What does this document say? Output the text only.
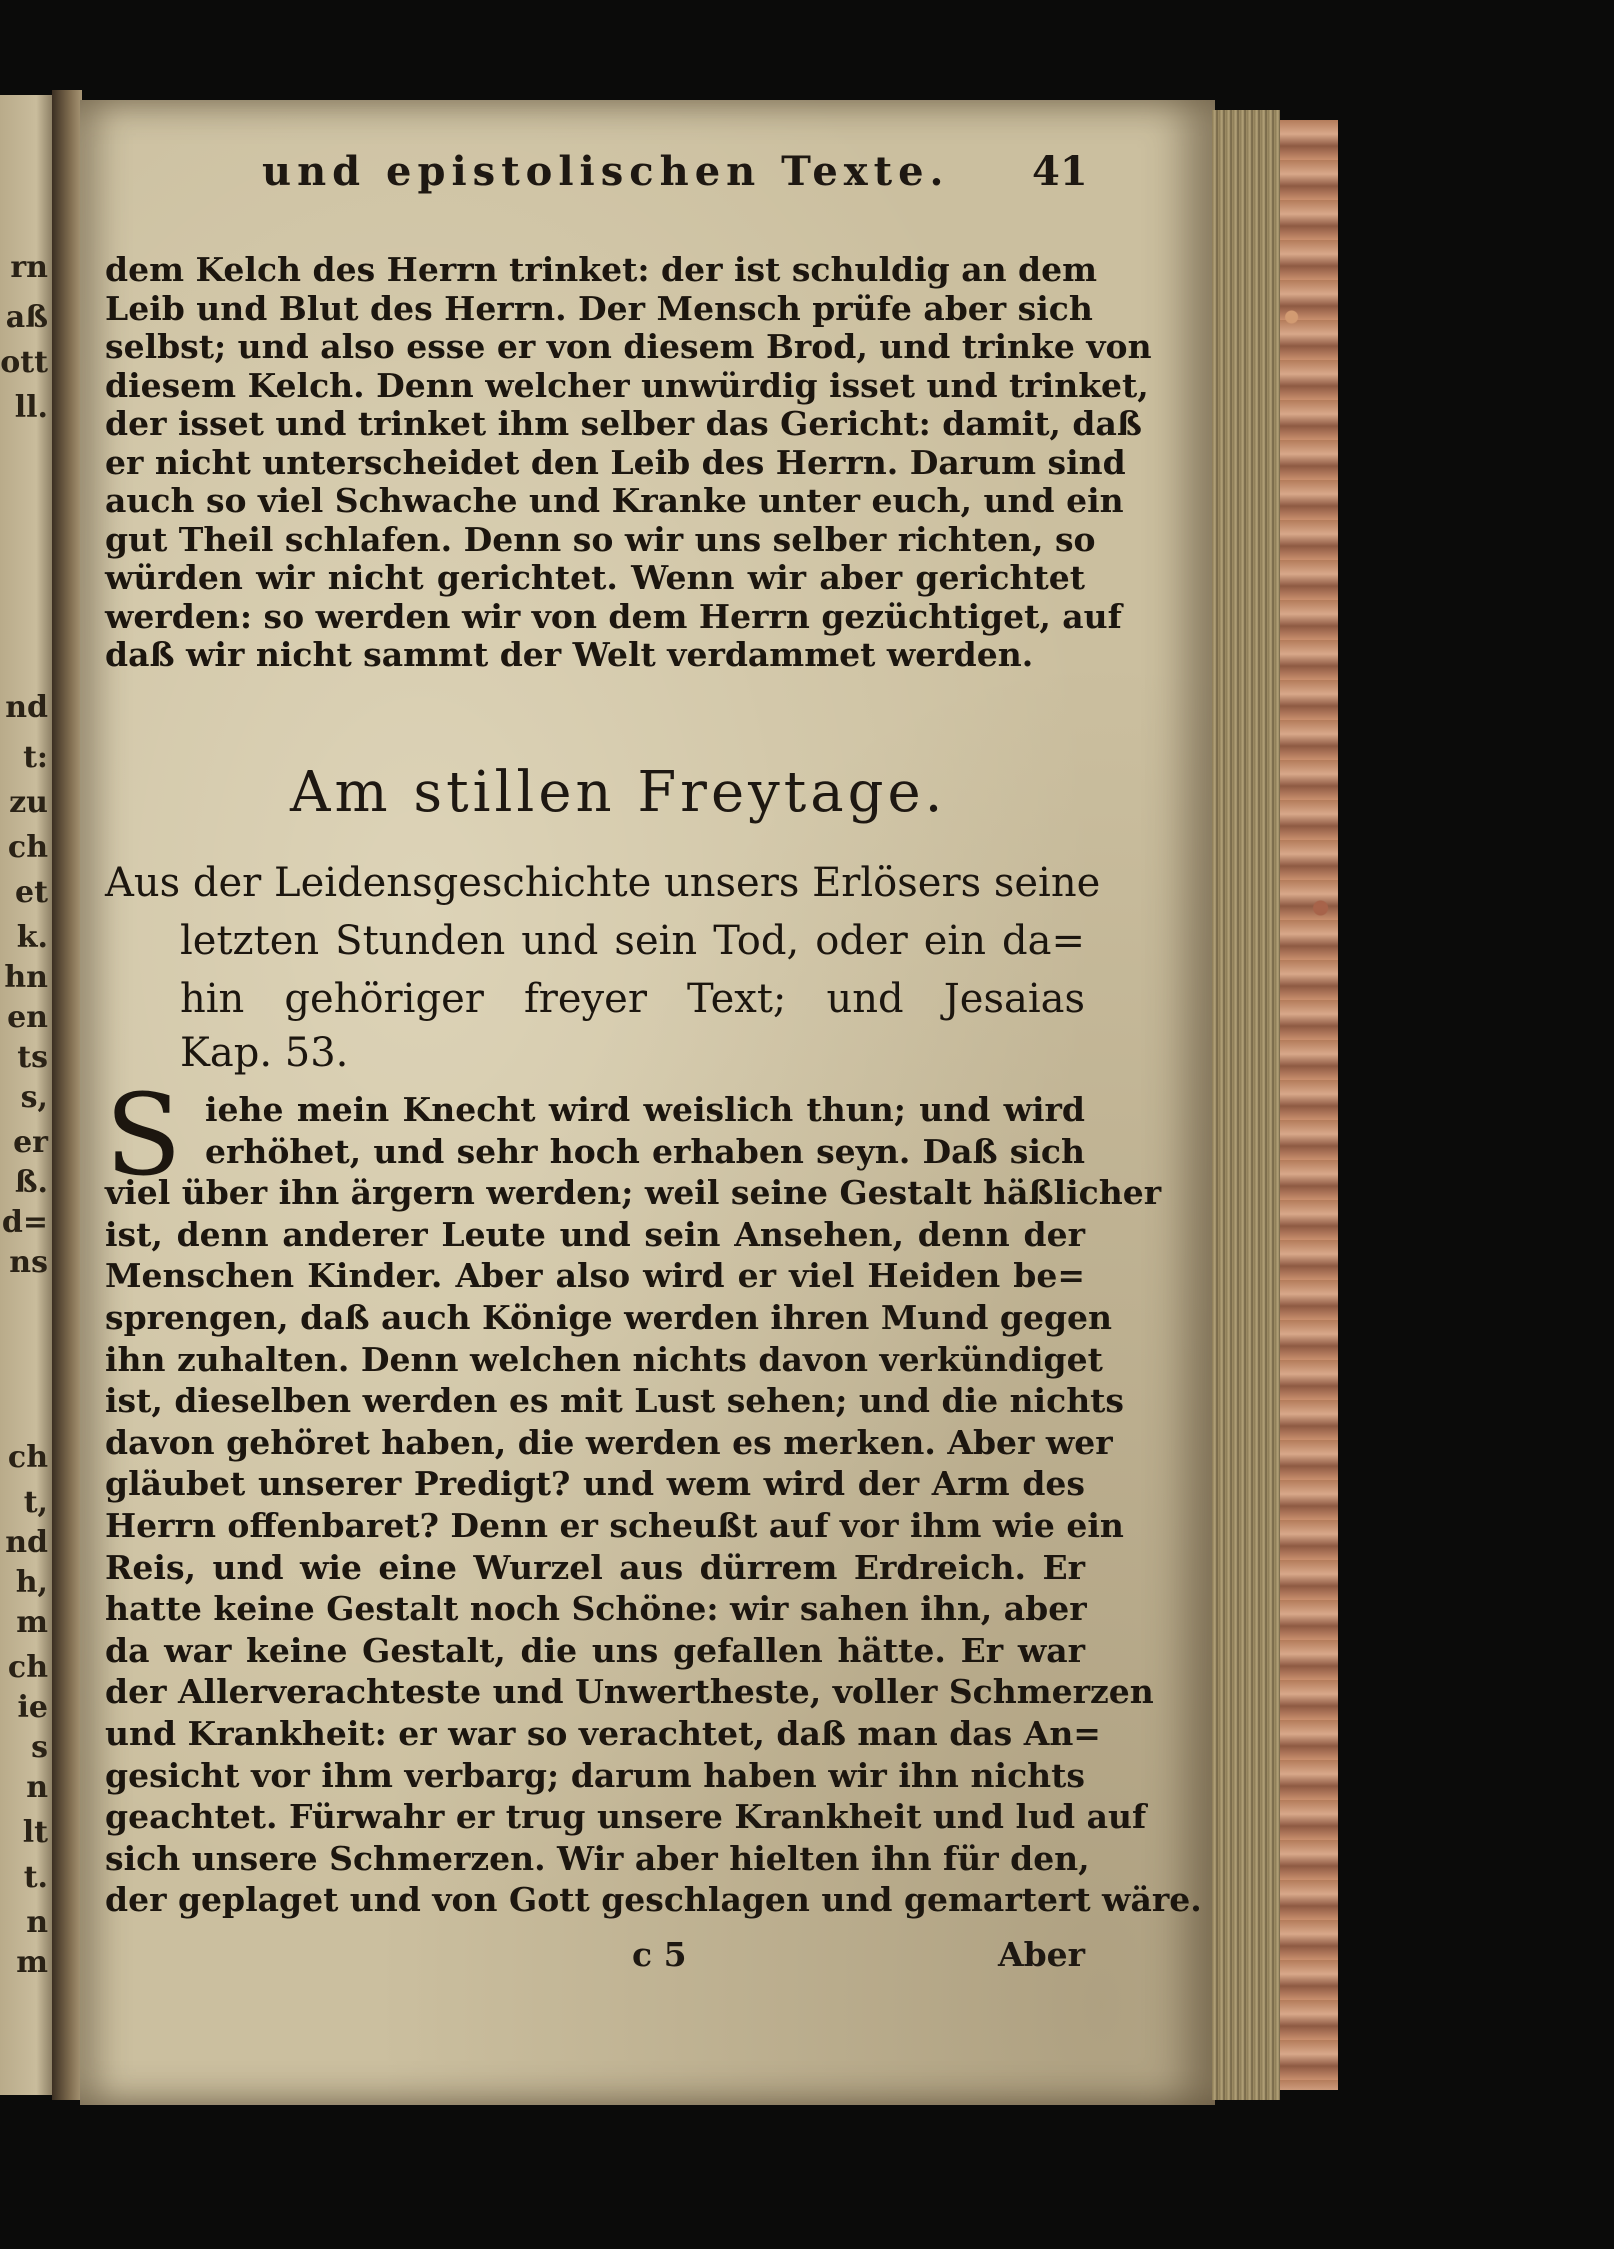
rn
aß
ott
ll.
nd
t:
zu
ch
et
k.
hn
en
ts
s,
er
ß.
d=
ns
ch
t,
nd
h,
m
ch
ie
s
n
lt
t.
n
m
und epistolischen Texte. 41
dem Kelch des Herrn trinket: der ist schuldig an dem
Leib und Blut des Herrn. Der Mensch prüfe aber sich
selbst; und also esse er von diesem Brod, und trinke von
diesem Kelch. Denn welcher unwürdig isset und trinket,
der isset und trinket ihm selber das Gericht: damit, daß
er nicht unterscheidet den Leib des Herrn. Darum sind
auch so viel Schwache und Kranke unter euch, und ein
gut Theil schlafen. Denn so wir uns selber richten, so
würden wir nicht gerichtet. Wenn wir aber gerichtet
werden: so werden wir von dem Herrn gezüchtiget, auf
daß wir nicht sammt der Welt verdammet werden.
Am stillen Freytage.
Aus der Leidensgeschichte unsers Erlösers seine
letzten Stunden und sein Tod, oder ein da=
hin gehöriger freyer Text; und Jesaias
Kap. 53.
S iehe mein Knecht wird weislich thun; und wird
erhöhet, und sehr hoch erhaben seyn. Daß sich
viel über ihn ärgern werden; weil seine Gestalt häßlicher
ist, denn anderer Leute und sein Ansehen, denn der
Menschen Kinder. Aber also wird er viel Heiden be=
sprengen, daß auch Könige werden ihren Mund gegen
ihn zuhalten. Denn welchen nichts davon verkündiget
ist, dieselben werden es mit Lust sehen; und die nichts
davon gehöret haben, die werden es merken. Aber wer
gläubet unserer Predigt? und wem wird der Arm des
Herrn offenbaret? Denn er scheußt auf vor ihm wie ein
Reis, und wie eine Wurzel aus dürrem Erdreich. Er
hatte keine Gestalt noch Schöne: wir sahen ihn, aber
da war keine Gestalt, die uns gefallen hätte. Er war
der Allerverachteste und Unwertheste, voller Schmerzen
und Krankheit: er war so verachtet, daß man das An=
gesicht vor ihm verbarg; darum haben wir ihn nichts
geachtet. Fürwahr er trug unsere Krankheit und lud auf
sich unsere Schmerzen. Wir aber hielten ihn für den,
der geplaget und von Gott geschlagen und gemartert wäre.
c 5	Aber
